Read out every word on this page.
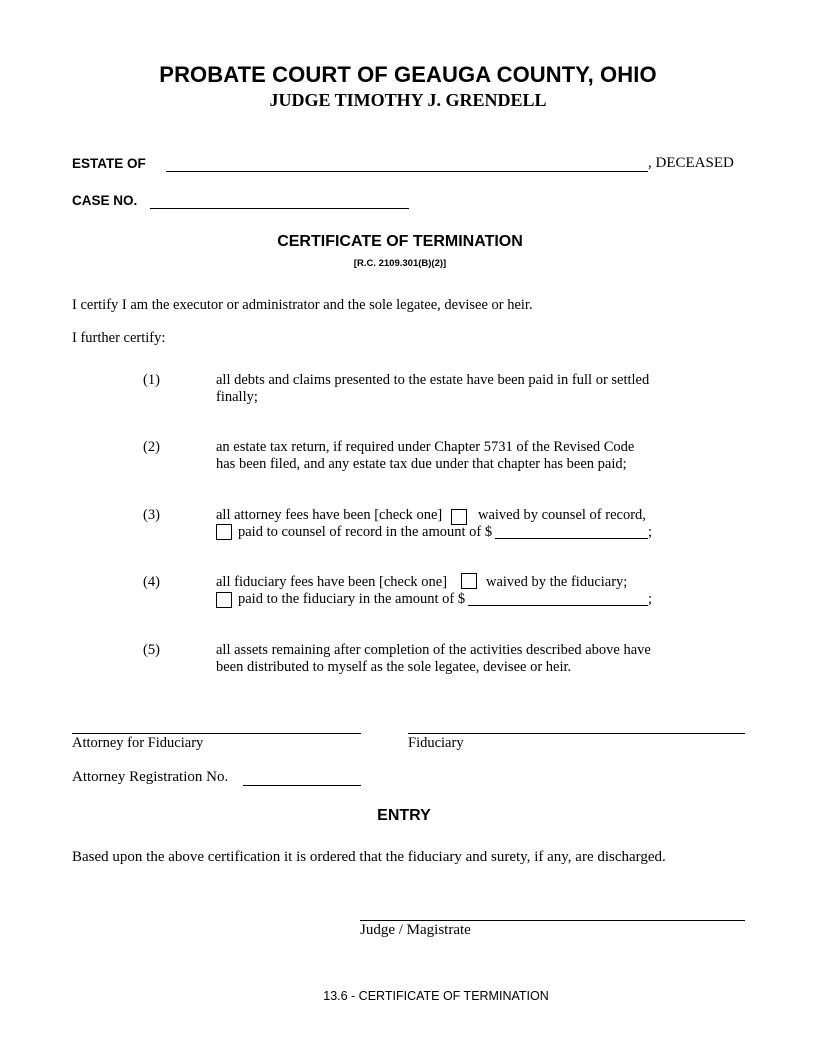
PROBATE COURT OF GEAUGA COUNTY, OHIO
JUDGE TIMOTHY J. GRENDELL
ESTATE OF	, DECEASED
CASE NO.
CERTIFICATE OF TERMINATION
[R.C. 2109.301(B)(2)]
I certify I am the executor or administrator and the sole legatee, devisee or heir.
I further certify:
(1)	all debts and claims presented to the estate have been paid in full or settled
finally;
(2)	an estate tax return, if required under Chapter 5731 of the Revised Code
has been filed, and any estate tax due under that chapter has been paid;
(3)	all attorney fees have been [check one] waived by counsel of record,
paid to counsel of record in the amount of $	;
(4)	all fiduciary fees have been [check one]	waived by the fiduciary;
paid to the fiduciary in the amount of $	;
(5)	all assets remaining after completion of the activities described above have
been distributed to myself as the sole legatee, devisee or heir.
Attorney for Fiduciary	Fiduciary
Attorney Registration No.
ENTRY
Based upon the above certification it is ordered that the fiduciary and surety, if any, are discharged.
Judge / Magistrate
13.6 - CERTIFICATE OF TERMINATION
